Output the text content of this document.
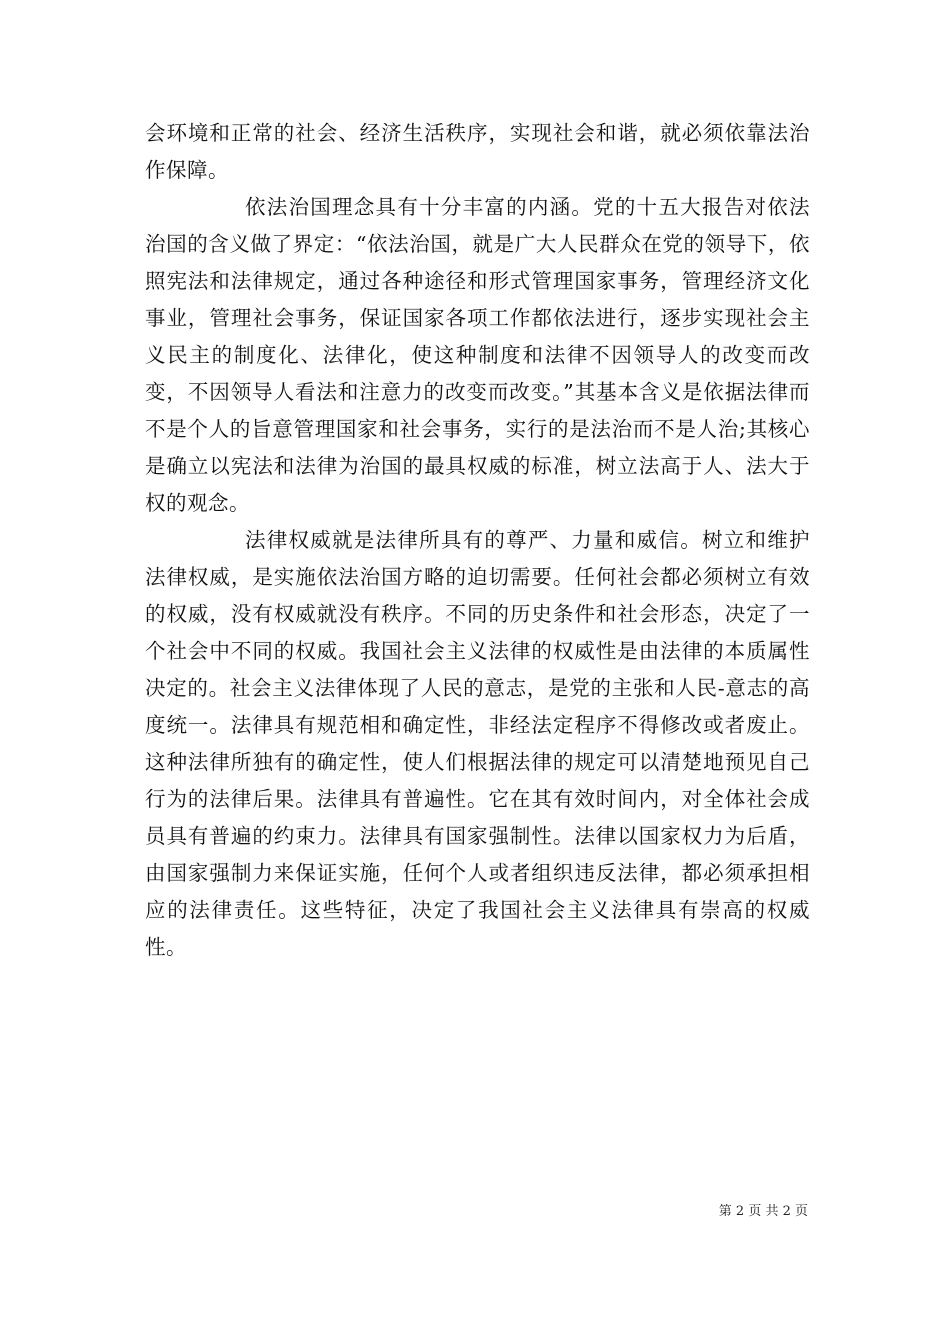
会环境和正常的社会、经济生活秩序，实现社会和谐，就必须依靠法治作保障。

依法治国理念具有十分丰富的内涵。党的十五大报告对依法治国的含义做了界定：“依法治国，就是广大人民群众在党的领导下，依照宪法和法律规定，通过各种途径和形式管理国家事务，管理经济文化事业，管理社会事务，保证国家各项工作都依法进行，逐步实现社会主义民主的制度化、法律化，使这种制度和法律不因领导人的改变而改变，不因领导人看法和注意力的改变而改变。”其基本含义是依据法律而不是个人的旨意管理国家和社会事务，实行的是法治而不是人治;其核心是确立以宪法和法律为治国的最具权威的标准，树立法高于人、法大于权的观念。

法律权威就是法律所具有的尊严、力量和威信。树立和维护法律权威，是实施依法治国方略的迫切需要。任何社会都必须树立有效的权威，没有权威就没有秩序。不同的历史条件和社会形态，决定了一个社会中不同的权威。我国社会主义法律的权威性是由法律的本质属性决定的。社会主义法律体现了人民的意志，是党的主张和人民-意志的高度统一。法律具有规范相和确定性，非经法定程序不得修改或者废止。这种法律所独有的确定性，使人们根据法律的规定可以清楚地预见自己行为的法律后果。法律具有普遍性。它在其有效时间内，对全体社会成员具有普遍的约束力。法律具有国家强制性。法律以国家权力为后盾，由国家强制力来保证实施，任何个人或者组织违反法律，都必须承担相应的法律责任。这些特征，决定了我国社会主义法律具有崇高的权威性。

第 2 页 共 2 页
